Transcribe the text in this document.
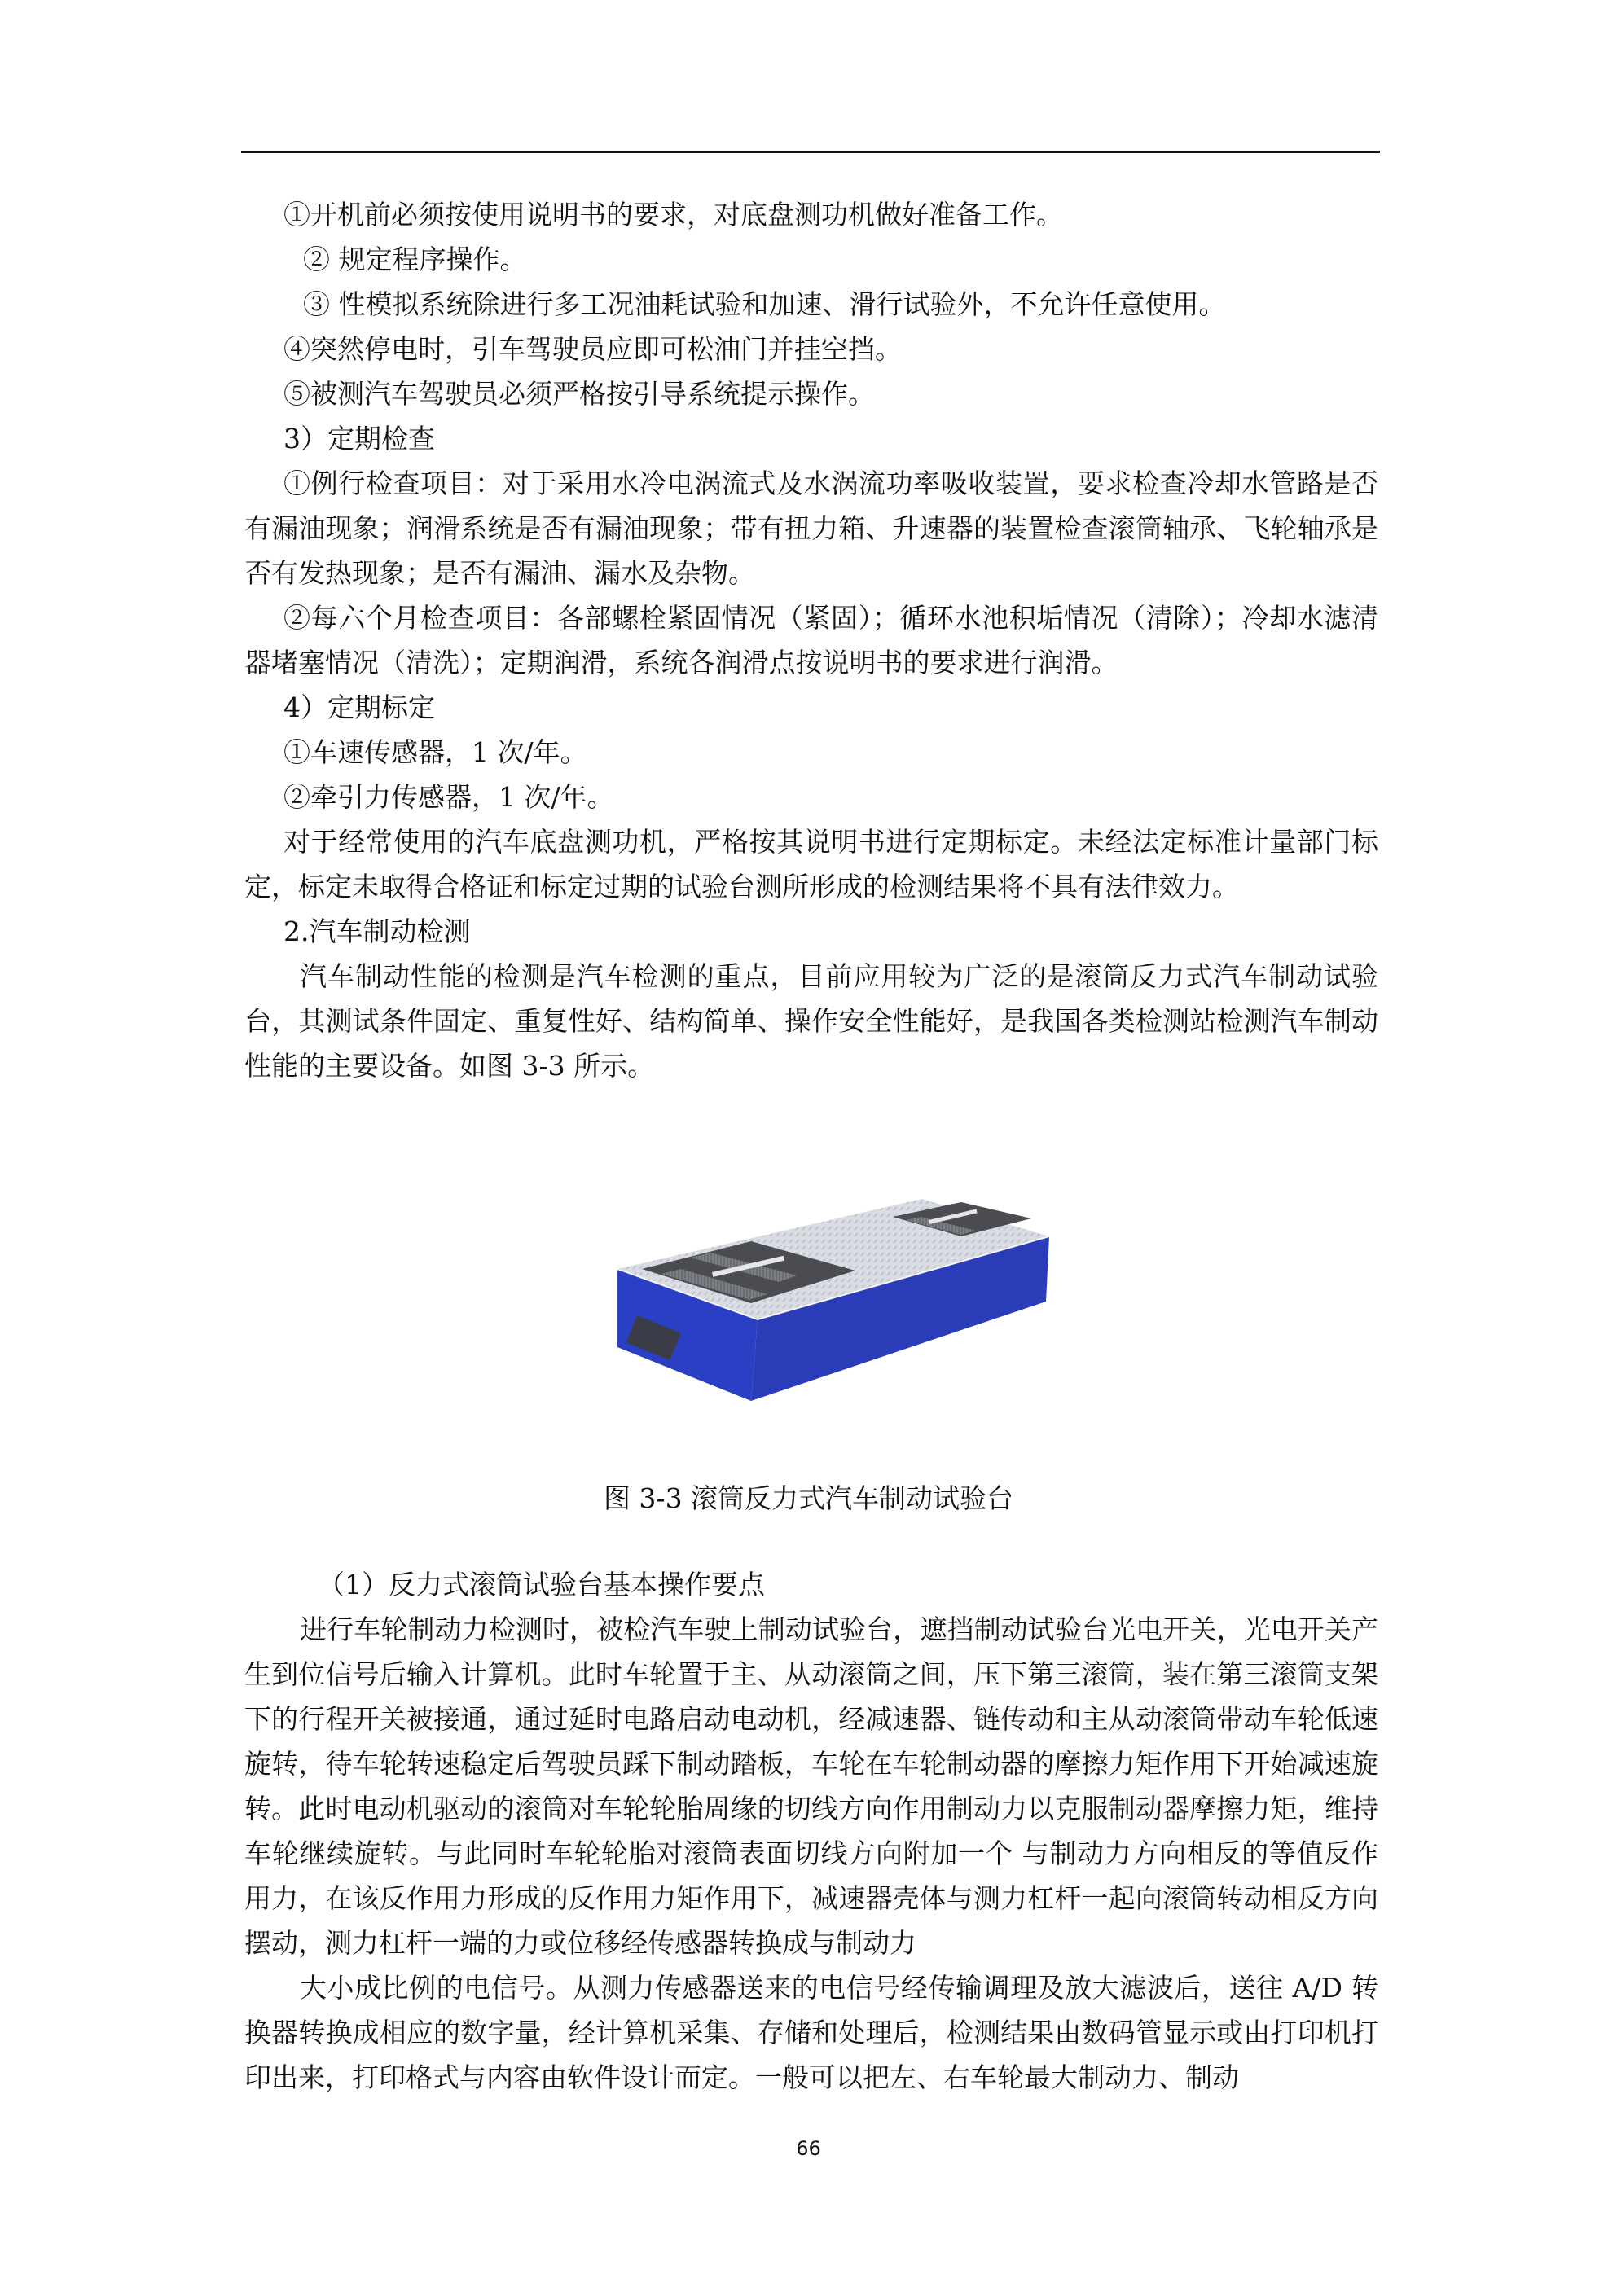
①开机前必须按使用说明书的要求，对底盘测功机做好准备工作。

② 规定程序操作。

③ 性模拟系统除进行多工况油耗试验和加速、滑行试验外，不允许任意使用。

④突然停电时，引车驾驶员应即可松油门并挂空挡。

⑤被测汽车驾驶员必须严格按引导系统提示操作。

3）定期检查

①例行检查项目：对于采用水冷电涡流式及水涡流功率吸收装置，要求检查冷却水管路是否有漏油现象；润滑系统是否有漏油现象；带有扭力箱、升速器的装置检查滚筒轴承、飞轮轴承是否有发热现象；是否有漏油、漏水及杂物。

②每六个月检查项目：各部螺栓紧固情况（紧固）；循环水池积垢情况（清除）；冷却水滤清器堵塞情况（清洗）；定期润滑，系统各润滑点按说明书的要求进行润滑。

4）定期标定

①车速传感器，1 次/年。

②牵引力传感器，1 次/年。

对于经常使用的汽车底盘测功机，严格按其说明书进行定期标定。未经法定标准计量部门标定，标定未取得合格证和标定过期的试验台测所形成的检测结果将不具有法律效力。

2.汽车制动检测

汽车制动性能的检测是汽车检测的重点，目前应用较为广泛的是滚筒反力式汽车制动试验台，其测试条件固定、重复性好、结构简单、操作安全性能好，是我国各类检测站检测汽车制动性能的主要设备。如图 3-3 所示。

图 3-3 滚筒反力式汽车制动试验台

（1）反力式滚筒试验台基本操作要点

进行车轮制动力检测时，被检汽车驶上制动试验台，遮挡制动试验台光电开关，光电开关产生到位信号后输入计算机。此时车轮置于主、从动滚筒之间，压下第三滚筒，装在第三滚筒支架下的行程开关被接通，通过延时电路启动电动机，经减速器、链传动和主从动滚筒带动车轮低速旋转，待车轮转速稳定后驾驶员踩下制动踏板，车轮在车轮制动器的摩擦力矩作用下开始减速旋转。此时电动机驱动的滚筒对车轮轮胎周缘的切线方向作用制动力以克服制动器摩擦力矩，维持车轮继续旋转。与此同时车轮轮胎对滚筒表面切线方向附加一个 与制动力方向相反的等值反作用力，在该反作用力形成的反作用力矩作用下，减速器壳体与测力杠杆一起向滚筒转动相反方向摆动，测力杠杆一端的力或位移经传感器转换成与制动力

大小成比例的电信号。从测力传感器送来的电信号经传输调理及放大滤波后，送往 A/D 转换器转换成相应的数字量，经计算机采集、存储和处理后，检测结果由数码管显示或由打印机打印出来，打印格式与内容由软件设计而定。一般可以把左、右车轮最大制动力、制动

66
